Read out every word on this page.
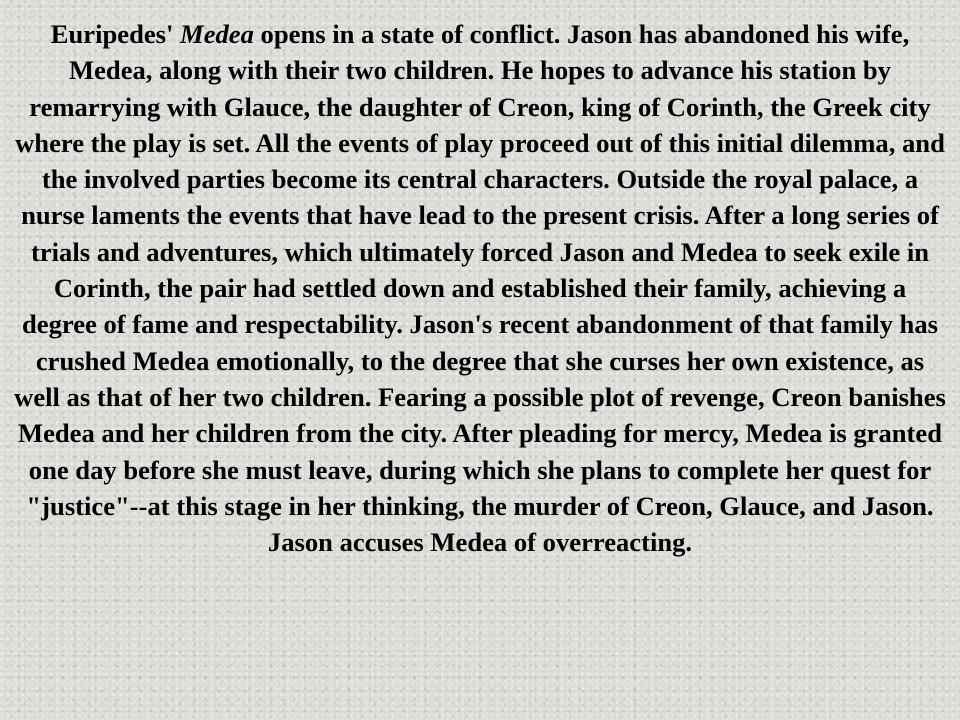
Euripedes' Medea opens in a state of conflict. Jason has abandoned his wife, Medea, along with their two children. He hopes to advance his station by remarrying with Glauce, the daughter of Creon, king of Corinth, the Greek city where the play is set. All the events of play proceed out of this initial dilemma, and the involved parties become its central characters. Outside the royal palace, a nurse laments the events that have lead to the present crisis. After a long series of trials and adventures, which ultimately forced Jason and Medea to seek exile in Corinth, the pair had settled down and established their family, achieving a degree of fame and respectability. Jason's recent abandonment of that family has crushed Medea emotionally, to the degree that she curses her own existence, as well as that of her two children. Fearing a possible plot of revenge, Creon banishes Medea and her children from the city. After pleading for mercy, Medea is granted one day before she must leave, during which she plans to complete her quest for "justice"--at this stage in her thinking, the murder of Creon, Glauce, and Jason. Jason accuses Medea of overreacting.
